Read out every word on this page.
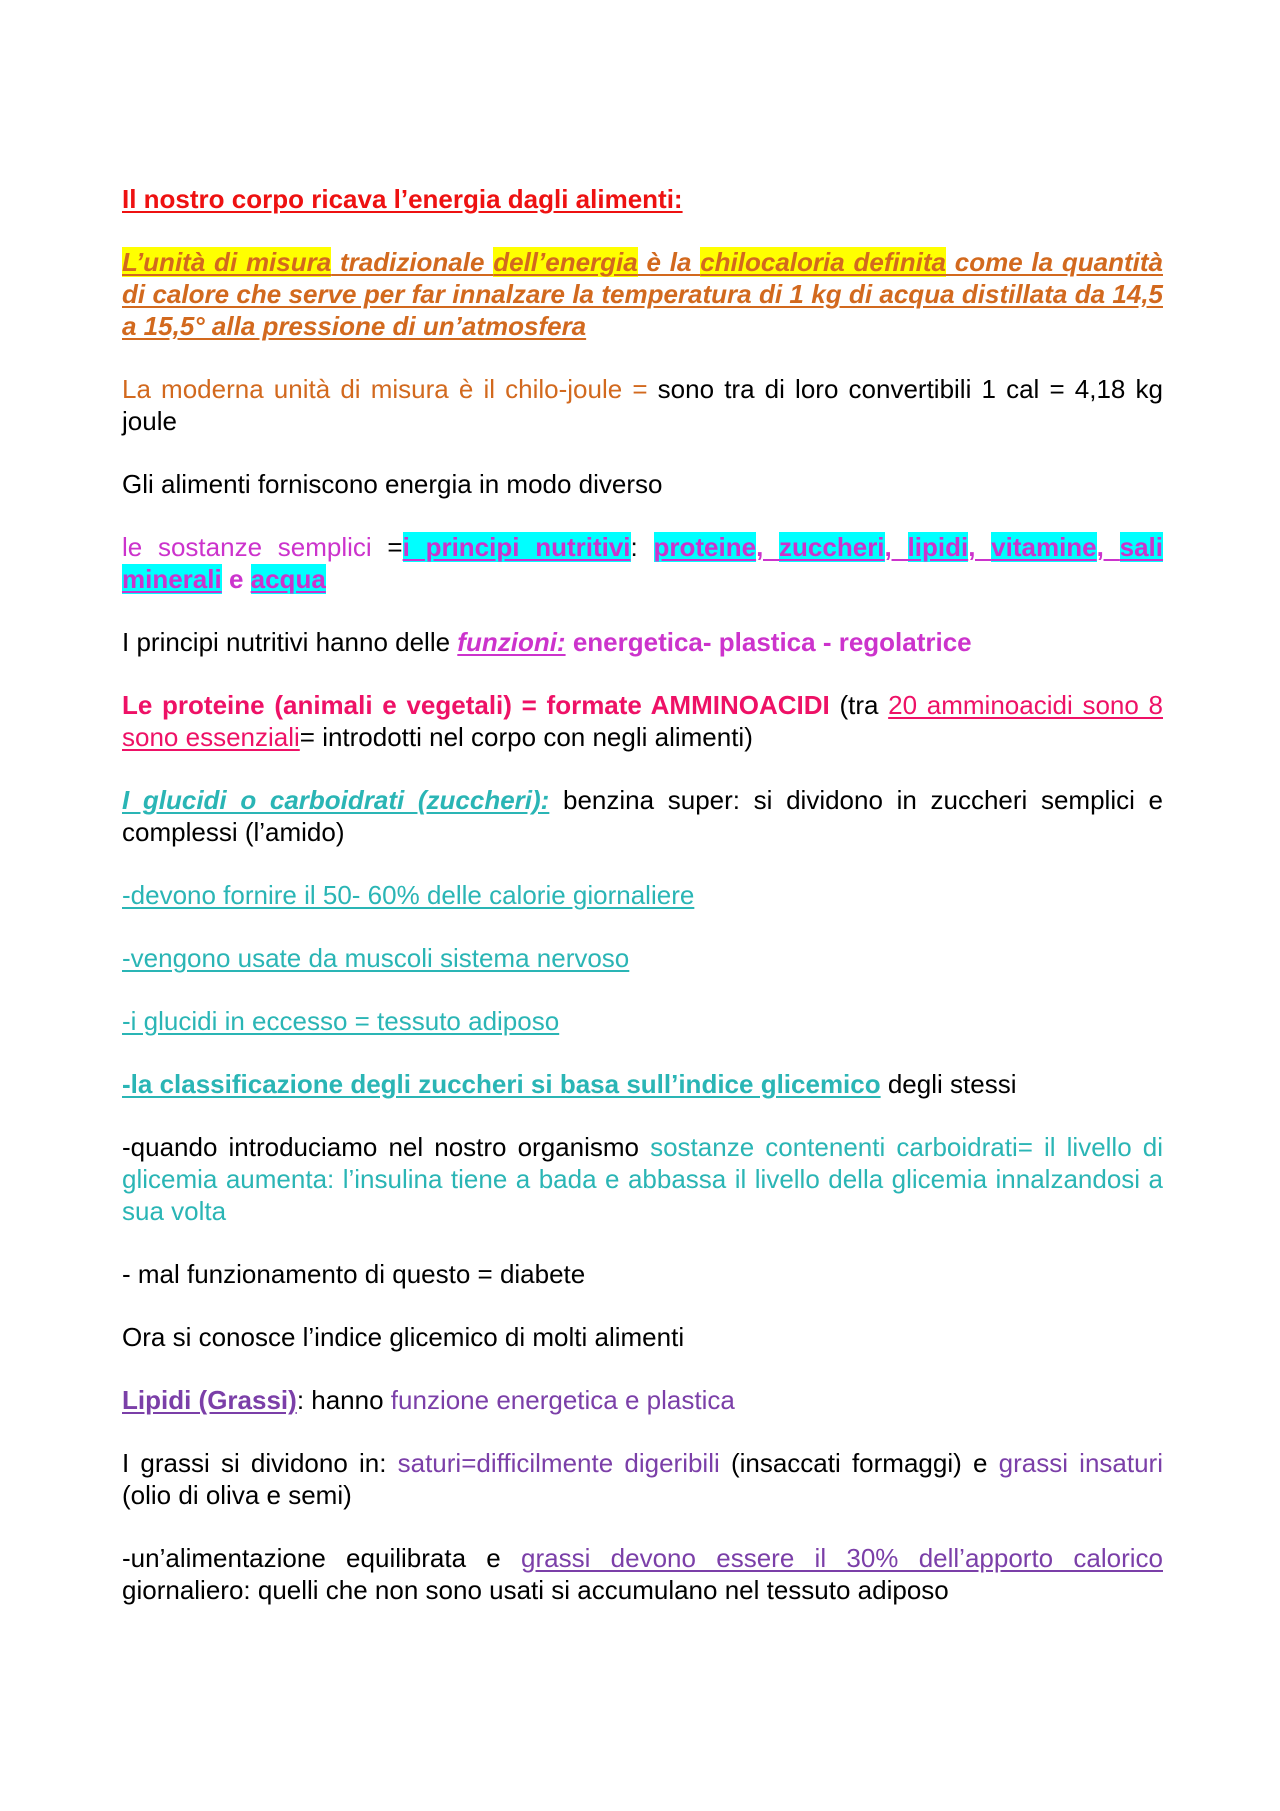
Il nostro corpo ricava l’energia dagli alimenti:

L’unità di misura tradizionale dell’energia è la chilocaloria definita come la quantità di calore che serve per far innalzare la temperatura di 1 kg di acqua distillata da 14,5 a 15,5° alla pressione di un’atmosfera

La moderna unità di misura è il chilo-joule = sono tra di loro convertibili 1 cal = 4,18 kg joule

Gli alimenti forniscono energia in modo diverso

le sostanze semplici =i principi nutritivi: proteine, zuccheri, lipidi, vitamine, sali minerali e acqua

I principi nutritivi hanno delle funzioni: energetica- plastica - regolatrice

Le proteine (animali e vegetali) = formate AMMINOACIDI (tra 20 amminoacidi sono 8 sono essenziali= introdotti nel corpo con negli alimenti)

I glucidi o carboidrati (zuccheri): benzina super: si dividono in zuccheri semplici e complessi (l’amido)

-devono fornire il 50- 60% delle calorie giornaliere

-vengono usate da muscoli sistema nervoso

-i glucidi in eccesso = tessuto adiposo

-la classificazione degli zuccheri si basa sull’indice glicemico degli stessi

-quando introduciamo nel nostro organismo sostanze contenenti carboidrati= il livello di glicemia aumenta: l’insulina tiene a bada e abbassa il livello della glicemia innalzandosi a sua volta

- mal funzionamento di questo = diabete

Ora si conosce l’indice glicemico di molti alimenti

Lipidi (Grassi): hanno funzione energetica e plastica

I grassi si dividono in: saturi=difficilmente digeribili (insaccati formaggi) e grassi insaturi (olio di oliva e semi)

-un’alimentazione equilibrata e grassi devono essere il 30% dell’apporto calorico giornaliero: quelli che non sono usati si accumulano nel tessuto adiposo
